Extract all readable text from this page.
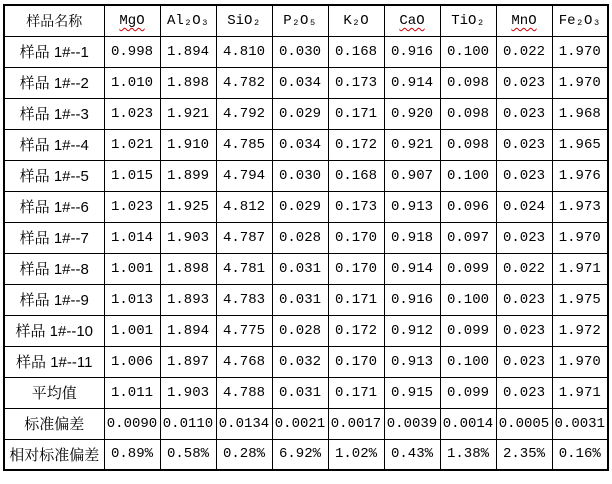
样品名称	MgO	Al₂O₃	SiO₂	P₂O₅	K₂O	CaO	TiO₂	MnO	Fe₂O₃
样品 1#--1	0.998	1.894	4.810	0.030	0.168	0.916	0.100	0.022	1.970
样品 1#--2	1.010	1.898	4.782	0.034	0.173	0.914	0.098	0.023	1.970
样品 1#--3	1.023	1.921	4.792	0.029	0.171	0.920	0.098	0.023	1.968
样品 1#--4	1.021	1.910	4.785	0.034	0.172	0.921	0.098	0.023	1.965
样品 1#--5	1.015	1.899	4.794	0.030	0.168	0.907	0.100	0.023	1.976
样品 1#--6	1.023	1.925	4.812	0.029	0.173	0.913	0.096	0.024	1.973
样品 1#--7	1.014	1.903	4.787	0.028	0.170	0.918	0.097	0.023	1.970
样品 1#--8	1.001	1.898	4.781	0.031	0.170	0.914	0.099	0.022	1.971
样品 1#--9	1.013	1.893	4.783	0.031	0.171	0.916	0.100	0.023	1.975
样品 1#--10	1.001	1.894	4.775	0.028	0.172	0.912	0.099	0.023	1.972
样品 1#--11	1.006	1.897	4.768	0.032	0.170	0.913	0.100	0.023	1.970
平均值	1.011	1.903	4.788	0.031	0.171	0.915	0.099	0.023	1.971
标准偏差	0.0090	0.0110	0.0134	0.0021	0.0017	0.0039	0.0014	0.0005	0.0031
相对标准偏差	0.89%	0.58%	0.28%	6.92%	1.02%	0.43%	1.38%	2.35%	0.16%
